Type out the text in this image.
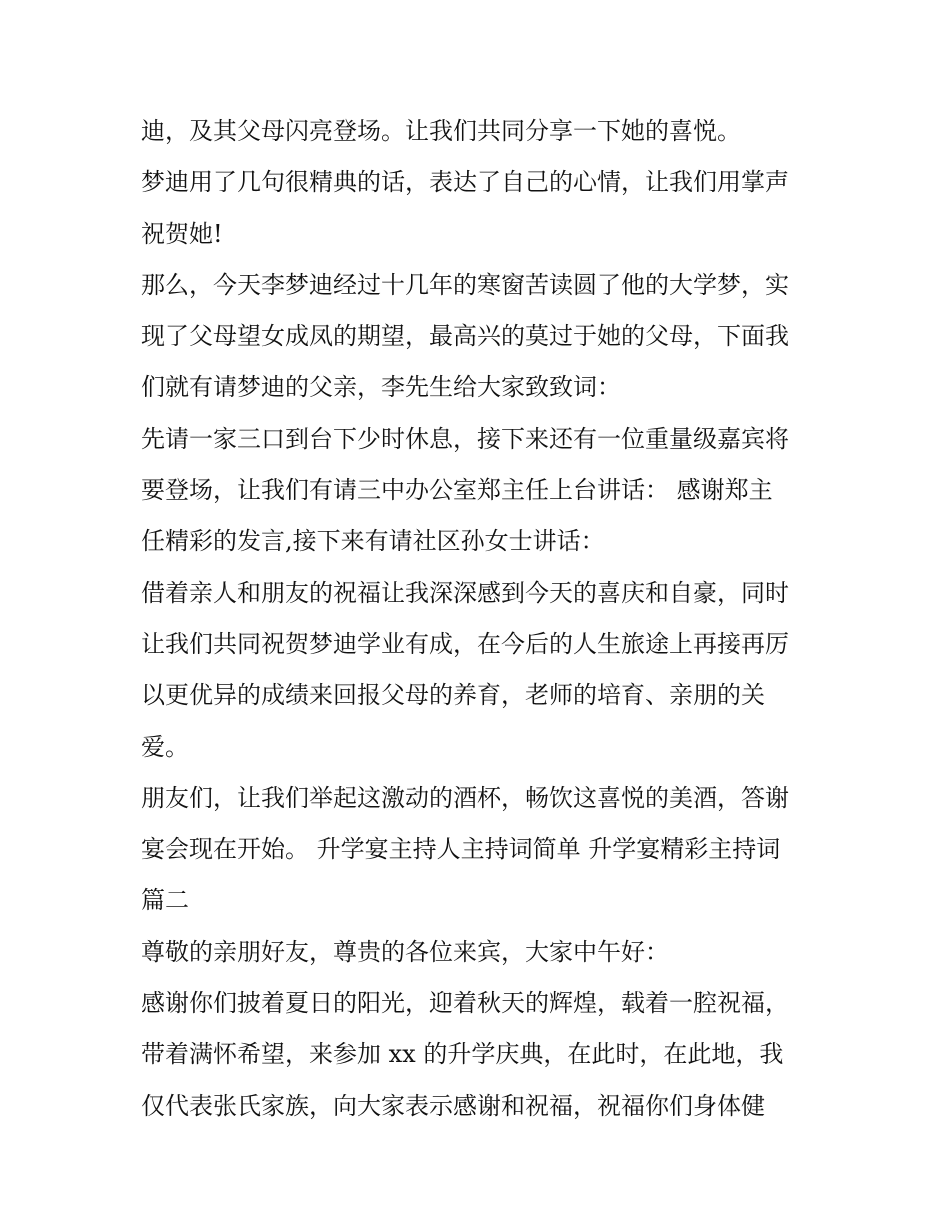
迪，及其父母闪亮登场。让我们共同分享一下她的喜悦。
梦迪用了几句很精典的话，表达了自己的心情，让我们用掌声
祝贺她!
那么，今天李梦迪经过十几年的寒窗苦读圆了他的大学梦，实
现了父母望女成凤的期望，最高兴的莫过于她的父母，下面我
们就有请梦迪的父亲，李先生给大家致致词：
先请一家三口到台下少时休息，接下来还有一位重量级嘉宾将
要登场，让我们有请三中办公室郑主任上台讲话： 感谢郑主
任精彩的发言,接下来有请社区孙女士讲话：
借着亲人和朋友的祝福让我深深感到今天的喜庆和自豪，同时
让我们共同祝贺梦迪学业有成，在今后的人生旅途上再接再厉
以更优异的成绩来回报父母的养育，老师的培育、亲朋的关
爱。
朋友们，让我们举起这激动的酒杯，畅饮这喜悦的美酒，答谢
宴会现在开始。 升学宴主持人主持词简单 升学宴精彩主持词
篇二
尊敬的亲朋好友，尊贵的各位来宾，大家中午好：
感谢你们披着夏日的阳光，迎着秋天的辉煌，载着一腔祝福，
带着满怀希望，来参加 xx 的升学庆典，在此时，在此地，我
仅代表张氏家族，向大家表示感谢和祝福，祝福你们身体健
